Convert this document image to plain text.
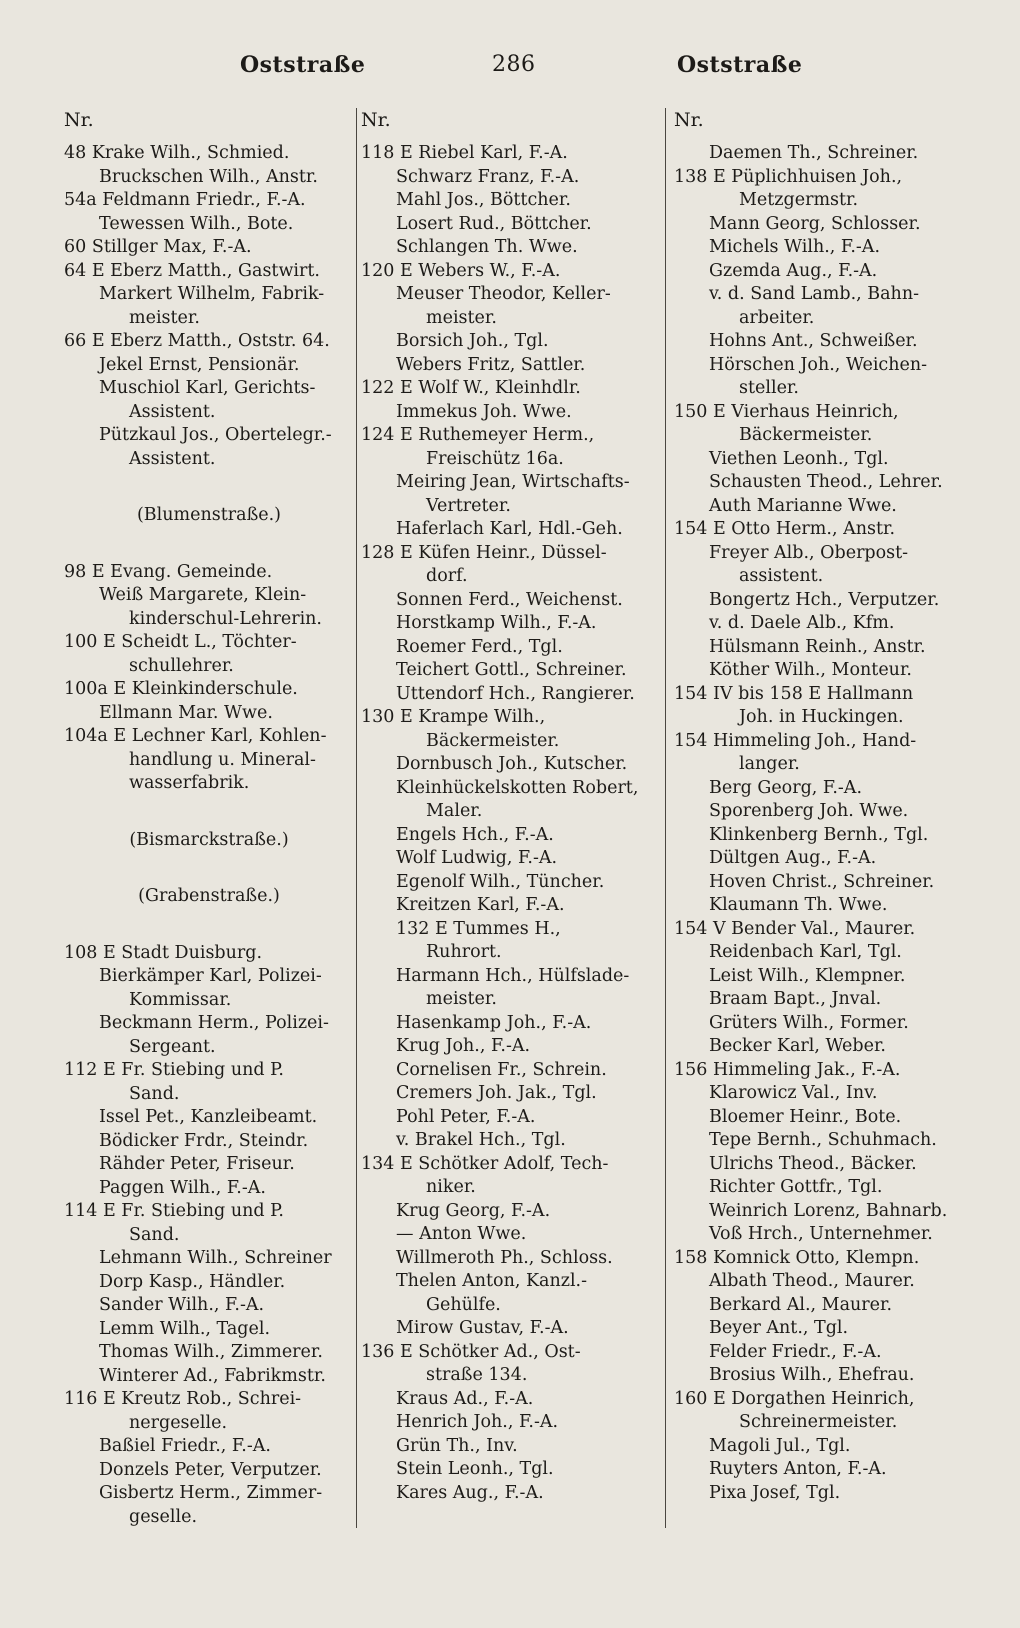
Oststraße	286	Oststraße
Nr.
48 Krake Wilh., Schmied.
Bruckschen Wilh., Anstr.
54a Feldmann Friedr., F.-A.
Tewessen Wilh., Bote.
60 Stillger Max, F.-A.
64 E Eberz Matth., Gastwirt.
Markert Wilhelm, Fabrik-
meister.
66 E Eberz Matth., Oststr. 64.
Jekel Ernst, Pensionär.
Muschiol Karl, Gerichts-
Assistent.
Pützkaul Jos., Obertelegr.-
Assistent.
(Blumenstraße.)
98 E Evang. Gemeinde.
Weiß Margarete, Klein-
kinderschul-Lehrerin.
100 E Scheidt L., Töchter-
schullehrer.
100a E Kleinkinderschule.
Ellmann Mar. Wwe.
104a E Lechner Karl, Kohlen-
handlung u. Mineral-
wasserfabrik.
(Bismarckstraße.)
(Grabenstraße.)
108 E Stadt Duisburg.
Bierkämper Karl, Polizei-
Kommissar.
Beckmann Herm., Polizei-
Sergeant.
112 E Fr. Stiebing und P.
Sand.
Issel Pet., Kanzleibeamt.
Bödicker Frdr., Steindr.
Rähder Peter, Friseur.
Paggen Wilh., F.-A.
114 E Fr. Stiebing und P.
Sand.
Lehmann Wilh., Schreiner
Dorp Kasp., Händler.
Sander Wilh., F.-A.
Lemm Wilh., Tagel.
Thomas Wilh., Zimmerer.
Winterer Ad., Fabrikmstr.
116 E Kreutz Rob., Schrei-
nergeselle.
Baßiel Friedr., F.-A.
Donzels Peter, Verputzer.
Gisbertz Herm., Zimmer-
geselle.
Nr.
118 E Riebel Karl, F.-A.
Schwarz Franz, F.-A.
Mahl Jos., Böttcher.
Losert Rud., Böttcher.
Schlangen Th. Wwe.
120 E Webers W., F.-A.
Meuser Theodor, Keller-
meister.
Borsich Joh., Tgl.
Webers Fritz, Sattler.
122 E Wolf W., Kleinhdlr.
Immekus Joh. Wwe.
124 E Ruthemeyer Herm.,
Freischütz 16a.
Meiring Jean, Wirtschafts-
Vertreter.
Haferlach Karl, Hdl.-Geh.
128 E Küfen Heinr., Düssel-
dorf.
Sonnen Ferd., Weichenst.
Horstkamp Wilh., F.-A.
Roemer Ferd., Tgl.
Teichert Gottl., Schreiner.
Uttendorf Hch., Rangierer.
130 E Krampe Wilh.,
Bäckermeister.
Dornbusch Joh., Kutscher.
Kleinhückelskotten Robert,
Maler.
Engels Hch., F.-A.
Wolf Ludwig, F.-A.
Egenolf Wilh., Tüncher.
Kreitzen Karl, F.-A.
132 E Tummes H.,
Ruhrort.
Harmann Hch., Hülfslade-
meister.
Hasenkamp Joh., F.-A.
Krug Joh., F.-A.
Cornelisen Fr., Schrein.
Cremers Joh. Jak., Tgl.
Pohl Peter, F.-A.
v. Brakel Hch., Tgl.
134 E Schötker Adolf, Tech-
niker.
Krug Georg, F.-A.
— Anton Wwe.
Willmeroth Ph., Schloss.
Thelen Anton, Kanzl.-
Gehülfe.
Mirow Gustav, F.-A.
136 E Schötker Ad., Ost-
straße 134.
Kraus Ad., F.-A.
Henrich Joh., F.-A.
Grün Th., Inv.
Stein Leonh., Tgl.
Kares Aug., F.-A.
Nr.
Daemen Th., Schreiner.
138 E Püplichhuisen Joh.,
Metzgermstr.
Mann Georg, Schlosser.
Michels Wilh., F.-A.
Gzemda Aug., F.-A.
v. d. Sand Lamb., Bahn-
arbeiter.
Hohns Ant., Schweißer.
Hörschen Joh., Weichen-
steller.
150 E Vierhaus Heinrich,
Bäckermeister.
Viethen Leonh., Tgl.
Schausten Theod., Lehrer.
Auth Marianne Wwe.
154 E Otto Herm., Anstr.
Freyer Alb., Oberpost-
assistent.
Bongertz Hch., Verputzer.
v. d. Daele Alb., Kfm.
Hülsmann Reinh., Anstr.
Köther Wilh., Monteur.
154 IV bis 158 E Hallmann
Joh. in Huckingen.
154 Himmeling Joh., Hand-
langer.
Berg Georg, F.-A.
Sporenberg Joh. Wwe.
Klinkenberg Bernh., Tgl.
Dültgen Aug., F.-A.
Hoven Christ., Schreiner.
Klaumann Th. Wwe.
154 V Bender Val., Maurer.
Reidenbach Karl, Tgl.
Leist Wilh., Klempner.
Braam Bapt., Jnval.
Grüters Wilh., Former.
Becker Karl, Weber.
156 Himmeling Jak., F.-A.
Klarowicz Val., Inv.
Bloemer Heinr., Bote.
Tepe Bernh., Schuhmach.
Ulrichs Theod., Bäcker.
Richter Gottfr., Tgl.
Weinrich Lorenz, Bahnarb.
Voß Hrch., Unternehmer.
158 Komnick Otto, Klempn.
Albath Theod., Maurer.
Berkard Al., Maurer.
Beyer Ant., Tgl.
Felder Friedr., F.-A.
Brosius Wilh., Ehefrau.
160 E Dorgathen Heinrich,
Schreinermeister.
Magoli Jul., Tgl.
Ruyters Anton, F.-A.
Pixa Josef, Tgl.
